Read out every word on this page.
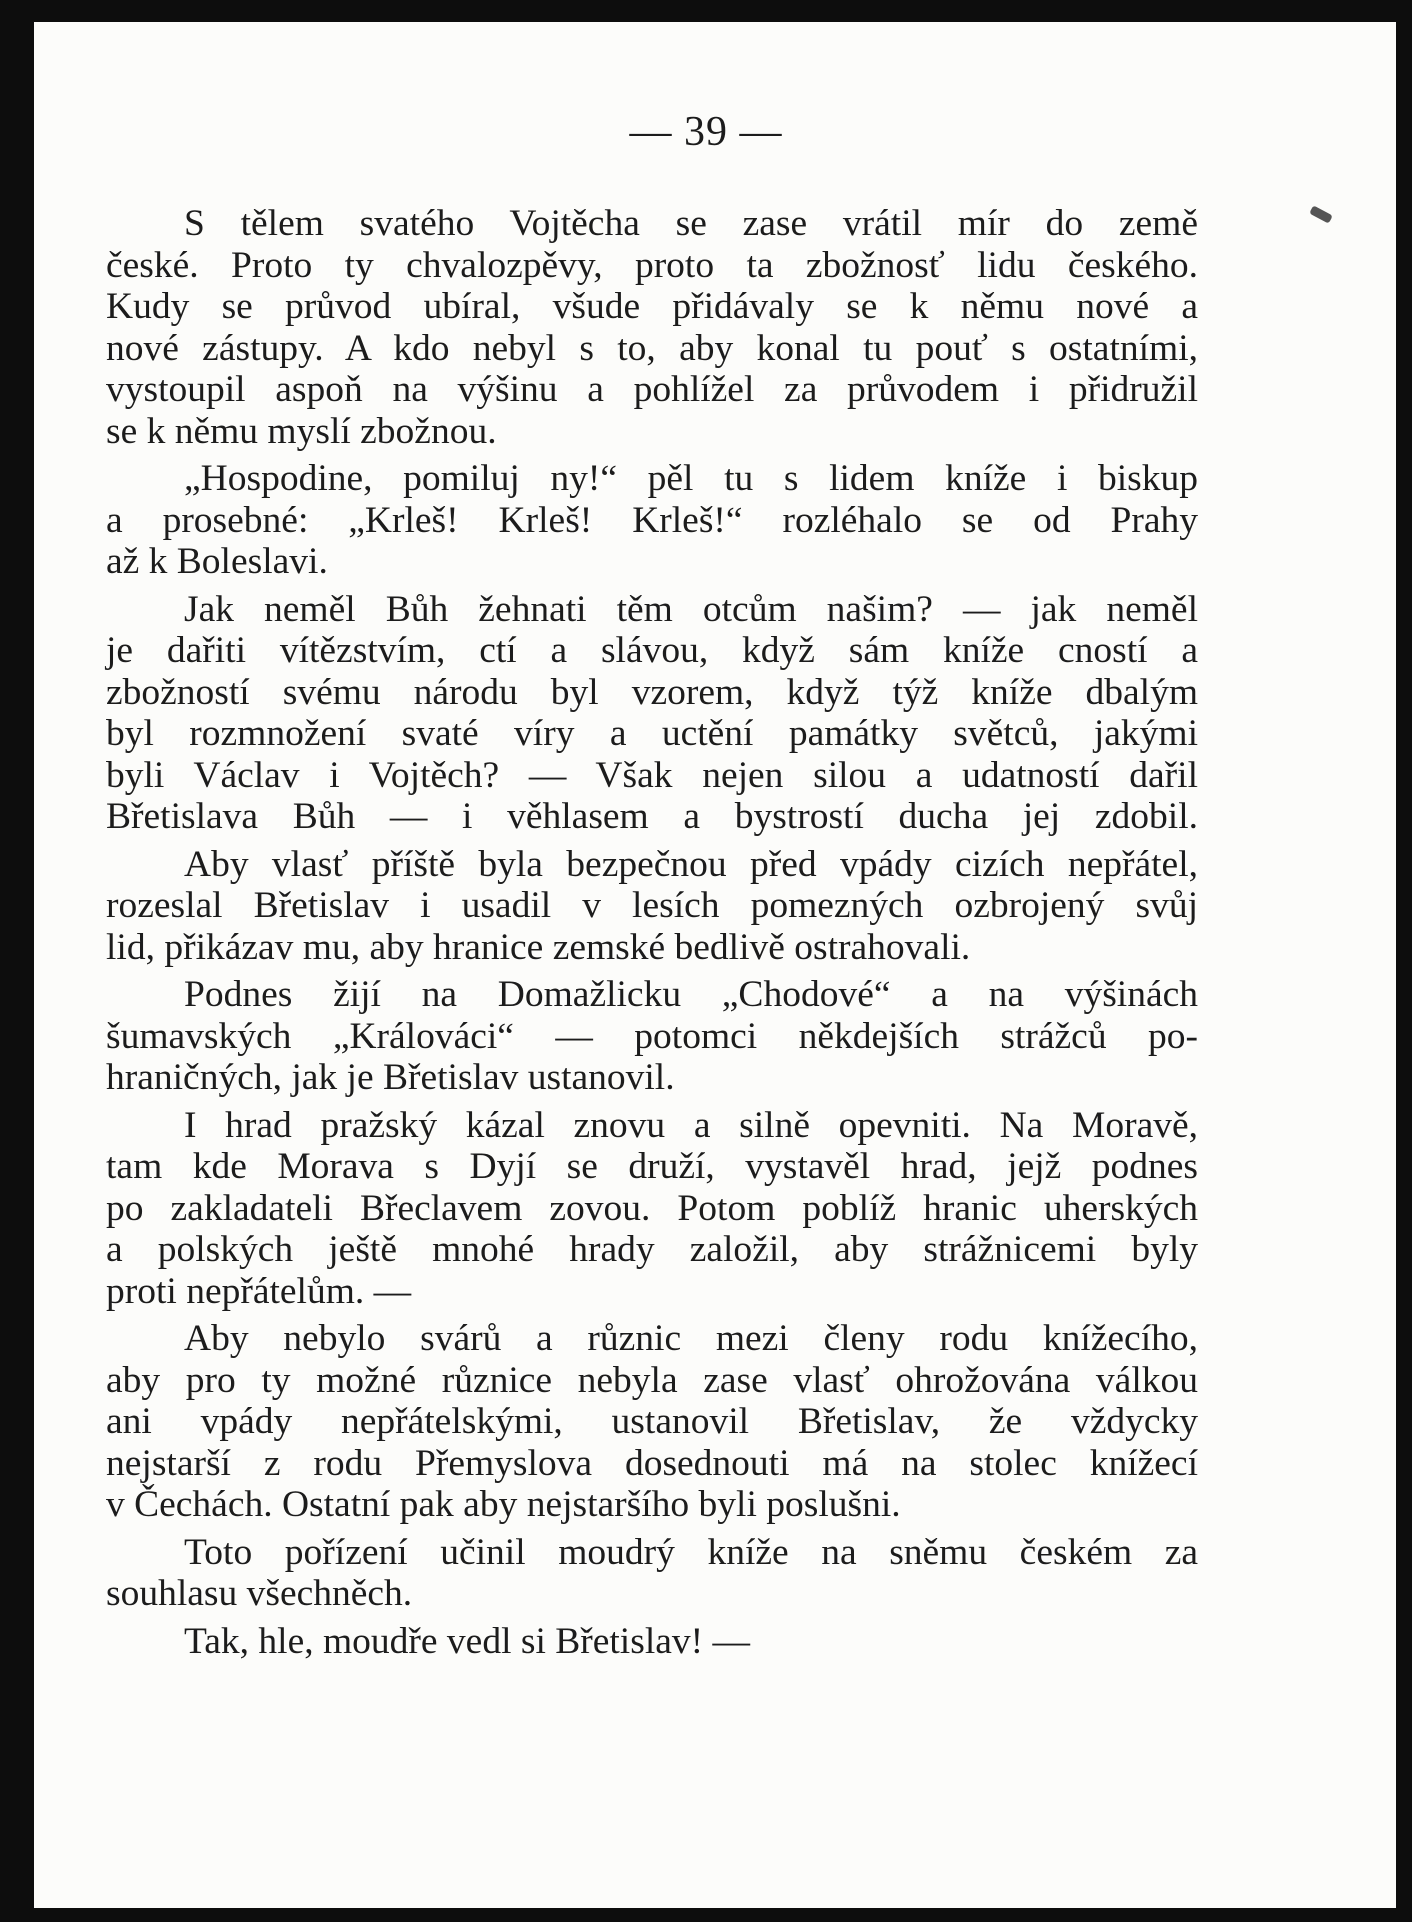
— 39 —

S tělem svatého Vojtěcha se zase vrátil mír do země
české. Proto ty chvalozpěvy, proto ta zbožnosť lidu českého.
Kudy se průvod ubíral, všude přidávaly se k němu nové a
nové zástupy. A kdo nebyl s to, aby konal tu pouť s ostatními,
vystoupil aspoň na výšinu a pohlížel za průvodem i přidružil
se k němu myslí zbožnou.

„Hospodine, pomiluj ny!“ pěl tu s lidem kníže i biskup
a prosebné: „Krleš! Krleš! Krleš!“ rozléhalo se od Prahy
až k Boleslavi.

Jak neměl Bůh žehnati těm otcům našim? — jak neměl
je dařiti vítězstvím, ctí a slávou, když sám kníže cností a
zbožností svému národu byl vzorem, když týž kníže dbalým
byl rozmnožení svaté víry a uctění památky světců, jakými
byli Václav i Vojtěch? — Však nejen silou a udatností dařil
Břetislava Bůh — i věhlasem a bystrostí ducha jej zdobil.

Aby vlasť příště byla bezpečnou před vpády cizích nepřátel,
rozeslal Břetislav i usadil v lesích pomezných ozbrojený svůj
lid, přikázav mu, aby hranice zemské bedlivě ostrahovali.

Podnes žijí na Domažlicku „Chodové“ a na výšinách
šumavských „Králováci“ — potomci někdejších strážců po-
hraničných, jak je Břetislav ustanovil.

I hrad pražský kázal znovu a silně opevniti. Na Moravě,
tam kde Morava s Dyjí se druží, vystavěl hrad, jejž podnes
po zakladateli Břeclavem zovou. Potom poblíž hranic uherských
a polských ještě mnohé hrady založil, aby strážnicemi byly
proti nepřátelům. —

Aby nebylo svárů a různic mezi členy rodu knížecího,
aby pro ty možné různice nebyla zase vlasť ohrožována válkou
ani vpády nepřátelskými, ustanovil Břetislav, že vždycky
nejstarší z rodu Přemyslova dosednouti má na stolec knížecí
v Čechách. Ostatní pak aby nejstaršího byli poslušni.

Toto pořízení učinil moudrý kníže na sněmu českém za
souhlasu všechněch.

Tak, hle, moudře vedl si Břetislav! —
